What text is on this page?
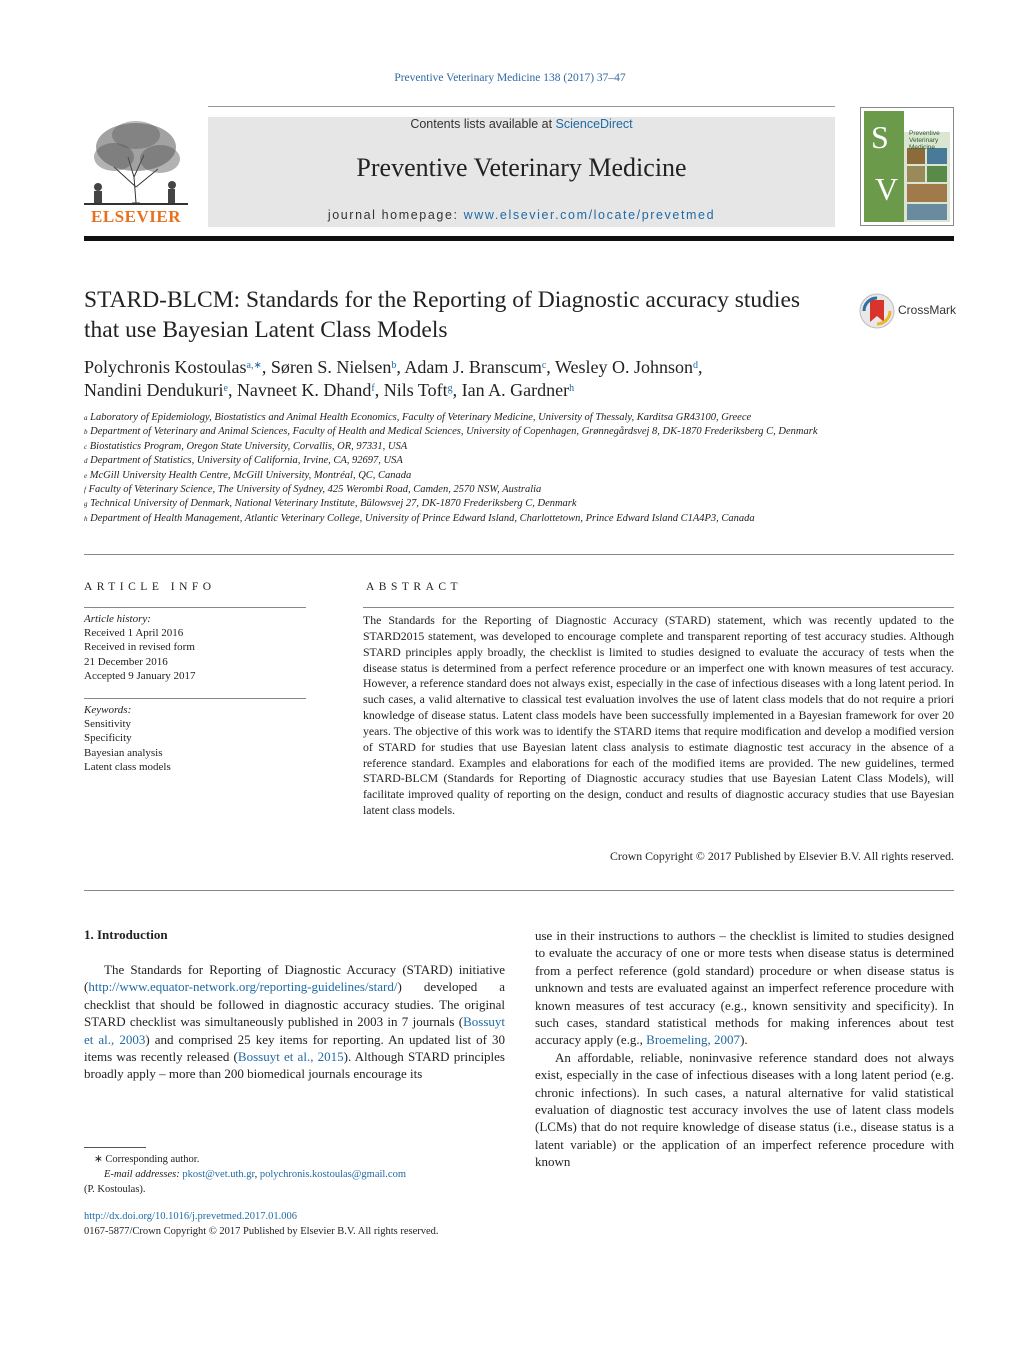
Preventive Veterinary Medicine 138 (2017) 37–47
ELSEVIER
Contents lists available at ScienceDirect
Preventive Veterinary Medicine
journal homepage: www.elsevier.com/locate/prevetmed
S
V
Preventive
Veterinary
Medicine
STARD-BLCM: Standards for the Reporting of Diagnostic accuracy studies that use Bayesian Latent Class Models
CrossMark
Polychronis Kostoulas$^{a,∗}$, Søren S. Nielsen$^b$, Adam J. Branscum$^c$, Wesley O. Johnson$^d$,
Nandini Dendukuri$^e$, Navneet K. Dhand$^f$, Nils Toft$^g$, Ian A. Gardner$^h$
$^a$ Laboratory of Epidemiology, Biostatistics and Animal Health Economics, Faculty of Veterinary Medicine, University of Thessaly, Karditsa GR43100, Greece
$^b$ Department of Veterinary and Animal Sciences, Faculty of Health and Medical Sciences, University of Copenhagen, Grønnegårdsvej 8, DK-1870 Frederiksberg C, Denmark
$^c$ Biostatistics Program, Oregon State University, Corvallis, OR, 97331, USA
$^d$ Department of Statistics, University of California, Irvine, CA, 92697, USA
$^e$ McGill University Health Centre, McGill University, Montréal, QC, Canada
$^f$ Faculty of Veterinary Science, The University of Sydney, 425 Werombi Road, Camden, 2570 NSW, Australia
$^g$ Technical University of Denmark, National Veterinary Institute, Bülowsvej 27, DK-1870 Frederiksberg C, Denmark
$^h$ Department of Health Management, Atlantic Veterinary College, University of Prince Edward Island, Charlottetown, Prince Edward Island C1A4P3, Canada
ARTICLE INFO	ABSTRACT
Article history:
Received 1 April 2016
Received in revised form
21 December 2016
Accepted 9 January 2017
Keywords:
Sensitivity
Specificity
Bayesian analysis
Latent class models
The Standards for the Reporting of Diagnostic Accuracy (STARD) statement, which was recently updated to the STARD2015 statement, was developed to encourage complete and transparent reporting of test accuracy studies. Although STARD principles apply broadly, the checklist is limited to studies designed to evaluate the accuracy of tests when the disease status is determined from a perfect reference procedure or an imperfect one with known measures of test accuracy. However, a reference standard does not always exist, especially in the case of infectious diseases with a long latent period. In such cases, a valid alternative to classical test evaluation involves the use of latent class models that do not require a priori knowledge of disease status. Latent class models have been successfully implemented in a Bayesian framework for over 20 years. The objective of this work was to identify the STARD items that require modification and develop a modified version of STARD for studies that use Bayesian latent class analysis to estimate diagnostic test accuracy in the absence of a reference standard. Examples and elaborations for each of the modified items are provided. The new guidelines, termed STARD-BLCM (Standards for Reporting of Diagnostic accuracy studies that use Bayesian Latent Class Models), will facilitate improved quality of reporting on the design, conduct and results of diagnostic accuracy studies that use Bayesian latent class models.
Crown Copyright © 2017 Published by Elsevier B.V. All rights reserved.
1. Introduction

The Standards for Reporting of Diagnostic Accuracy (STARD) initiative (http://www.equator-network.org/reporting-guidelines/stard/) developed a checklist that should be followed in diagnostic accuracy studies. The original STARD checklist was simultaneously published in 2003 in 7 journals (Bossuyt et al., 2003) and comprised 25 key items for reporting. An updated list of 30 items was recently released (Bossuyt et al., 2015). Although STARD principles broadly apply – more than 200 biomedical journals encourage its

use in their instructions to authors – the checklist is limited to studies designed to evaluate the accuracy of one or more tests when disease status is determined from a perfect reference (gold standard) procedure or when disease status is unknown and tests are evaluated against an imperfect reference procedure with known measures of test accuracy (e.g., known sensitivity and specificity). In such cases, standard statistical methods for making inferences about test accuracy apply (e.g., Broemeling, 2007).

An affordable, reliable, noninvasive reference standard does not always exist, especially in the case of infectious diseases with a long latent period (e.g. chronic infections). In such cases, a natural alternative for valid statistical evaluation of diagnostic test accuracy involves the use of latent class models (LCMs) that do not require knowledge of disease status (i.e., disease status is a latent variable) or the application of an imperfect reference procedure with known

∗ Corresponding author.
E-mail addresses: pkost@vet.uth.gr, polychronis.kostoulas@gmail.com
(P. Kostoulas).
http://dx.doi.org/10.1016/j.prevetmed.2017.01.006
0167-5877/Crown Copyright © 2017 Published by Elsevier B.V. All rights reserved.
